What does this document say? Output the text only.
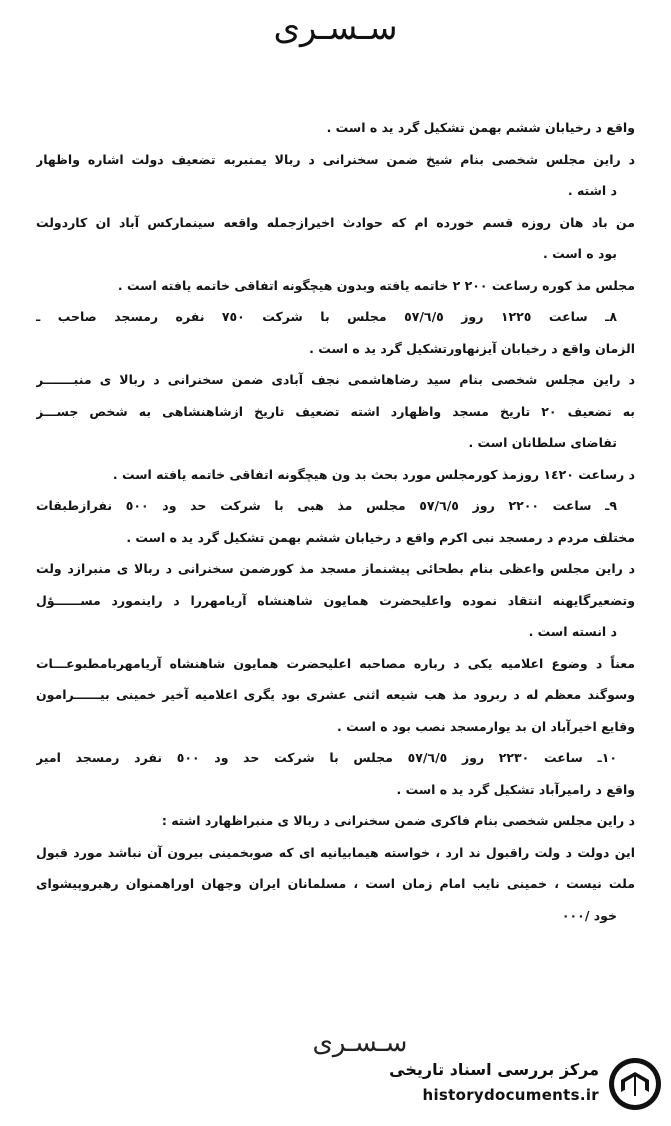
سـسـرى
واقع د رخيابان ششم بهمن تشكيل گرد يد ه است .
د راين مجلس شخصى بنام شيخ ضمن سخنرانى د ربالا يمنبربه تضعيف دولت اشاره واظهار
د اشته .
من باد هان روزه قسم خورده ام كه حوادث اخيرازجمله واقعه سينمارکس آباد ان كاردولت
بود ه است .
مجلس مذ كوره رساعت ٢٠٠ ٢ خاتمه يافته وبدون هيچگونه اتفاقى خاتمه يافته است .
٨ـ ساعت ١٢٢٥ روز ٥٧/٦/٥ مجلس با شركت ٧٥٠ نفره رمسجد صاحب ـ
الزمان واقع د رخيابان آيزنهاورتشكيل گرد يد ه است .
د راين مجلس شخصى بنام سيد رضاهاشمى نجف آبادى ضمن سخنرانى د ربالا ى منبـــــــر
به تضعيف ٢٠ تاريخ مسجد واظهارد اشته تضعيف تاريخ ازشاهنشاهى به شخص جســـز
تفاضاى سلطانان است .
د رساعت ١٤٢٠ روزمذ كورمجلس مورد بحث بد ون هيچگونه اتفاقى خاتمه يافته است .
٩ـ ساعت ٢٢٠٠ روز ٥٧/٦/٥ مجلس مذ هبى با شركت حد ود ٥٠٠ نفرازطبقات
مختلف مردم د رمسجد نبى اكرم واقع د رخيابان ششم بهمن تشكيل گرد يد ه است .
د راين مجلس واعظى بنام بطحائى پيشنماز مسجد مذ كورضمن سخنرانى د ربالا ى منبرازد ولت
وتضعيرگايهنه انتقاد نموده واعليحضرت همايون شاهنشاه آريامهررا د راينمورد مســــــؤل
د انسته است .
معناً د وضوع اعلاميه يكى د رباره مصاحبه اعليحضرت همايون شاهنشاه آريامهربامطبوعـــات
وسوگند معظم له د ربرود مذ هب شيعه اثنى عشرى بود يگرى اعلاميه آخير خمينى بيــــــرامون
وقايع اخيرآباد ان بد يوارمسجد نصب بود ه است .
١٠ـ ساعت ٢٢٣٠ روز ٥٧/٦/٥ مجلس با شركت حد ود ٥٠٠ نفرد رمسجد امير
واقع د رامیرآباد تشكيل گرد يد ه است .
د راين مجلس شخصى بنام فاكرى ضمن سخنرانى د ربالا ى منبراظهارد اشته :
اين دولت د ولت راقبول ند ارد ، خواسته هيمابيانيه اى كه صوبخمينى بيرون آن نباشد مورد قبول
ملت نيست ، خمينى نايب امام زمان است ، مسلمانان ايران وجهان اوراهمنوان رهبروپيشواى
خود /٠٠٠
سـسـرى
مركز بررسى اسناد تاريخى
historydocuments.ir
